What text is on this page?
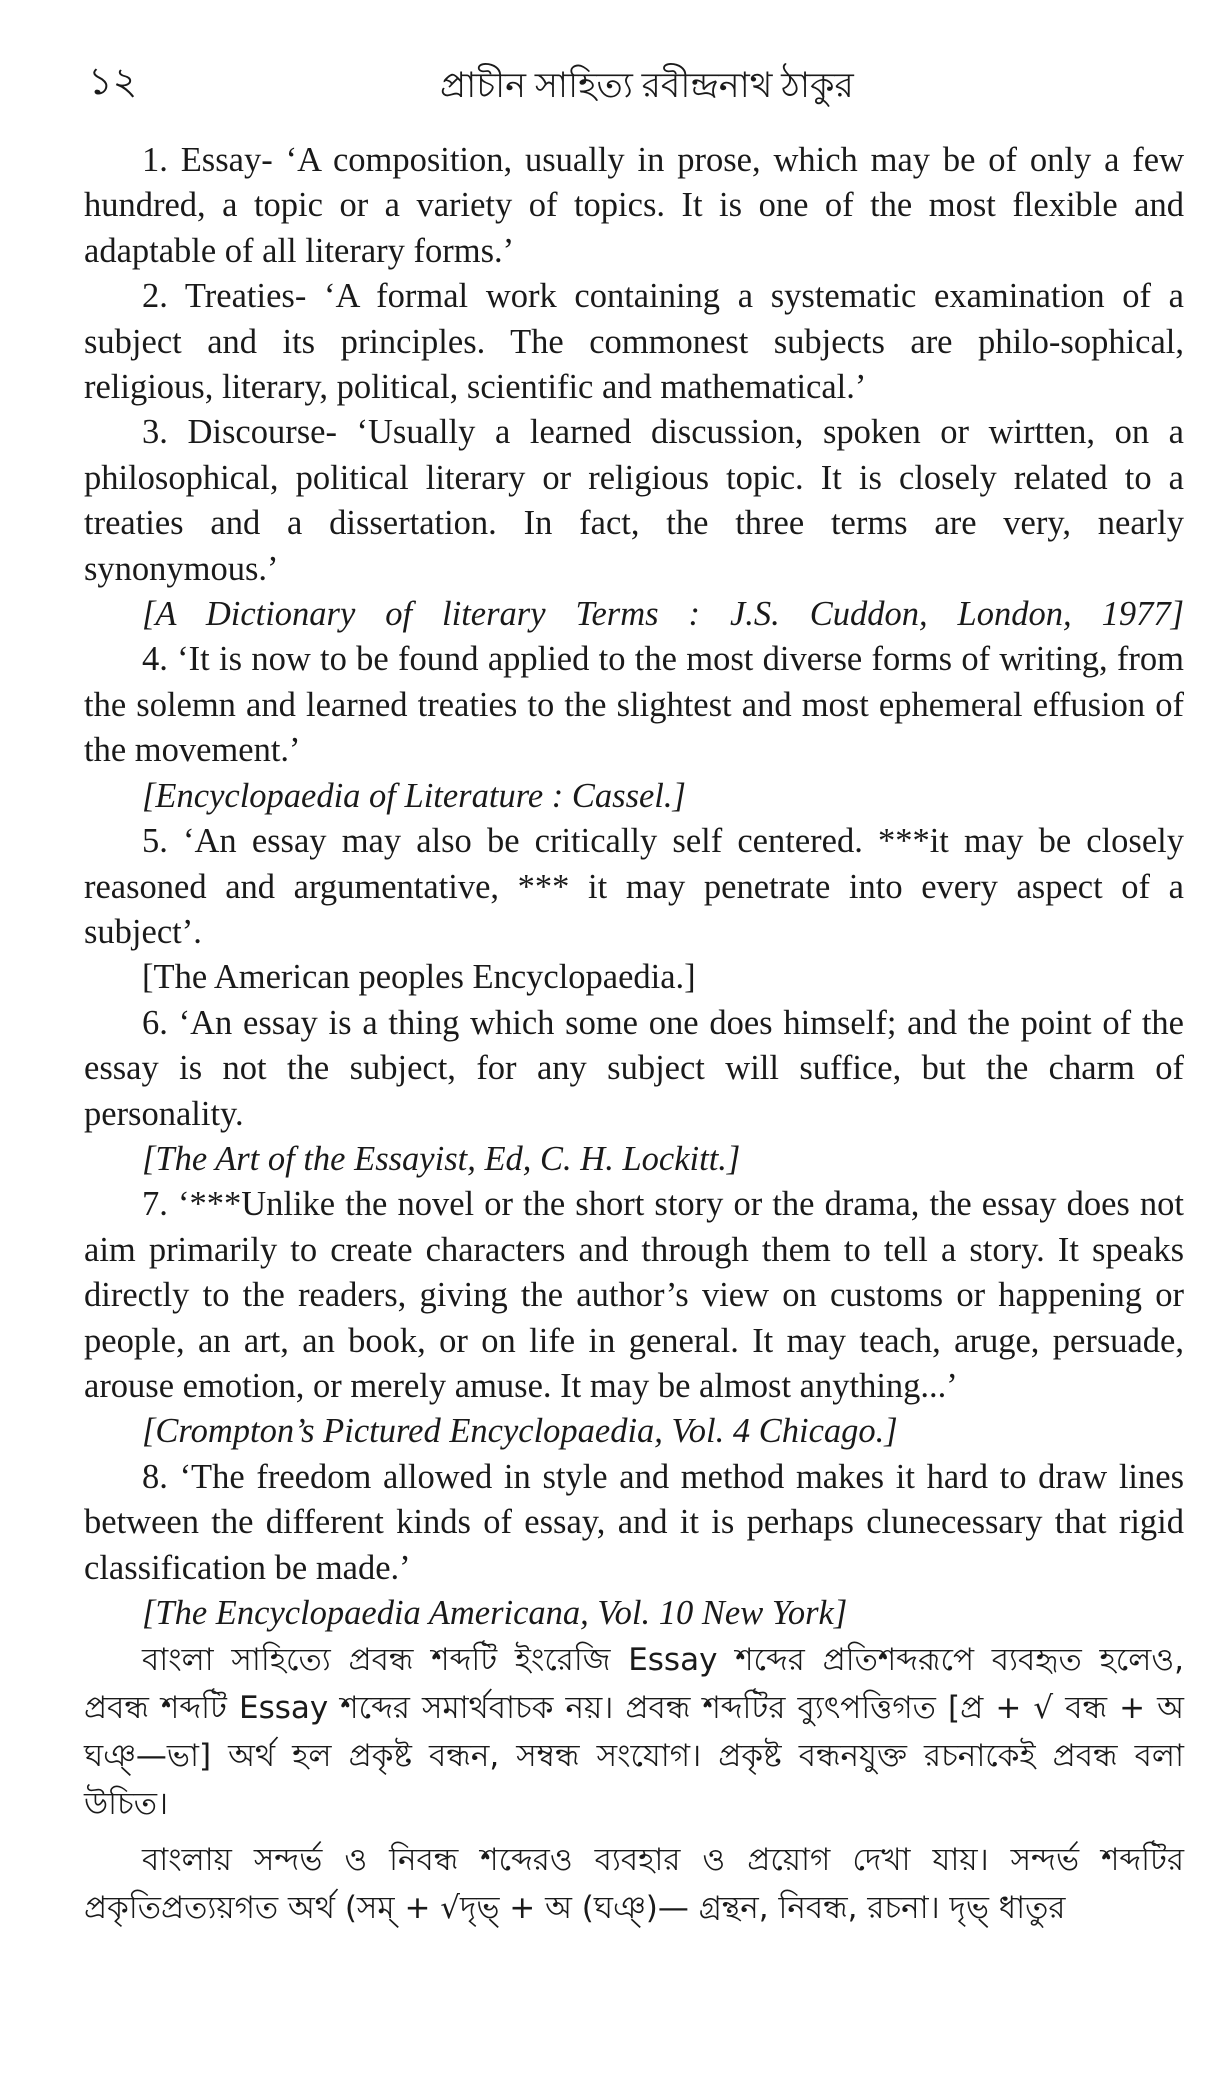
১২	প্রাচীন সাহিত্য রবীন্দ্রনাথ ঠাকুর

1. Essay- ‘A composition, usually in prose, which may be of only a few hundred, a topic or a variety of topics. It is one of the most flexible and adaptable of all literary forms.’

2. Treaties- ‘A formal work containing a systematic examination of a subject and its principles. The commonest subjects are philo-sophical, religious, literary, political, scientific and mathematical.’

3. Discourse- ‘Usually a learned discussion, spoken or wirtten, on a philosophical, political literary or religious topic. It is closely related to a treaties and a dissertation. In fact, the three terms are very, nearly synonymous.’

[A Dictionary of literary Terms : J.S. Cuddon, London, 1977]

4. ‘It is now to be found applied to the most diverse forms of writing, from the solemn and learned treaties to the slightest and most ephemeral effusion of the movement.’

[Encyclopaedia of Literature : Cassel.]

5. ‘An essay may also be critically self centered. ***it may be closely reasoned and argumentative, *** it may penetrate into every aspect of a subject’.

[The American peoples Encyclopaedia.]

6. ‘An essay is a thing which some one does himself; and the point of the essay is not the subject, for any subject will suffice, but the charm of personality.

[The Art of the Essayist, Ed, C. H. Lockitt.]

7. ‘***Unlike the novel or the short story or the drama, the essay does not aim primarily to create characters and through them to tell a story. It speaks directly to the readers, giving the author’s view on customs or happening or people, an art, an book, or on life in general. It may teach, aruge, persuade, arouse emotion, or merely amuse. It may be almost anything...’

[Crompton’s Pictured Encyclopaedia, Vol. 4 Chicago.]

8. ‘The freedom allowed in style and method makes it hard to draw lines between the different kinds of essay, and it is perhaps clunecessary that rigid classification be made.’

[The Encyclopaedia Americana, Vol. 10 New York]

বাংলা সাহিত্যে প্রবন্ধ শব্দটি ইংরেজি Essay শব্দের প্রতিশব্দরূপে ব্যবহৃত হলেও, প্রবন্ধ শব্দটি Essay শব্দের সমার্থবাচক নয়। প্রবন্ধ শব্দটির ব্যুৎপত্তিগত [প্র + √ বন্ধ + অ ঘঞ্—ভা] অর্থ হল প্রকৃষ্ট বন্ধন, সম্বন্ধ সংযোগ। প্রকৃষ্ট বন্ধনযুক্ত রচনাকেই প্রবন্ধ বলা উচিত।

বাংলায় সন্দর্ভ ও নিবন্ধ শব্দেরও ব্যবহার ও প্রয়োগ দেখা যায়। সন্দর্ভ শব্দটির প্রকৃতিপ্রত্যয়গত অর্থ (সম্ + √দৃভ্ + অ (ঘঞ্)— গ্রন্থন, নিবন্ধ, রচনা। দৃভ্ ধাতুর
